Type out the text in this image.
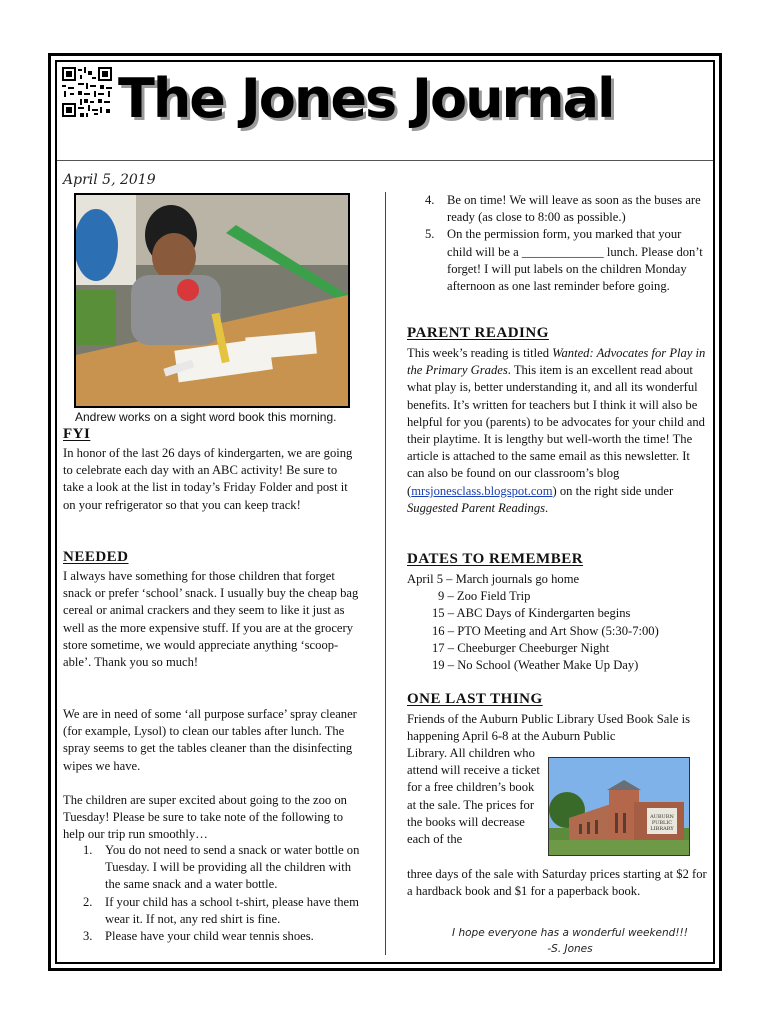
The Jones Journal
April 5, 2019
Andrew works on a sight word book this morning.
FYI
In honor of the last 26 days of kindergarten, we are going to celebrate each day with an ABC activity! Be sure to take a look at the list in today’s Friday Folder and post it on your refrigerator so that you can keep track!
NEEDED
I always have something for those children that forget snack or prefer ‘school’ snack. I usually buy the cheap bag cereal or animal crackers and they seem to like it just as well as the more expensive stuff. If you are at the grocery store sometime, we would appreciate anything ‘scoop- able’. Thank you so much!
We are in need of some ‘all purpose surface’ spray cleaner (for example, Lysol) to clean our tables after lunch. The spray seems to get the tables cleaner than the disinfecting wipes we have.
The children are super excited about going to the zoo on Tuesday! Please be sure to take note of the following to help our trip run smoothly…
1. You do not need to send a snack or water bottle on Tuesday. I will be providing all the children with the same snack and a water bottle.
2. If your child has a school t-shirt, please have them wear it. If not, any red shirt is fine.
3. Please have your child wear tennis shoes.
4. Be on time! We will leave as soon as the buses are ready (as close to 8:00 as possible.)
5. On the permission form, you marked that your child will be a _____________ lunch. Please don’t forget! I will put labels on the children Monday afternoon as one last reminder before going.
PARENT READING
This week’s reading is titled Wanted: Advocates for Play in the Primary Grades. This item is an excellent read about what play is, better understanding it, and all its wonderful benefits. It’s written for teachers but I think it will also be helpful for you (parents) to be advocates for your child and their playtime. It is lengthy but well-worth the time! The article is attached to the same email as this newsletter. It can also be found on our classroom’s blog (mrsjonesclass.blogspot.com) on the right side under Suggested Parent Readings.
DATES TO REMEMBER
April 5 – March journals go home
9 – Zoo Field Trip
15 – ABC Days of Kindergarten begins
16 – PTO Meeting and Art Show (5:30-7:00)
17 – Cheeburger Cheeburger Night
19 – No School (Weather Make Up Day)
ONE LAST THING
Friends of the Auburn Public Library Used Book Sale is happening April 6-8 at the Auburn Public
Library. All children who attend will receive a ticket for a free children’s book at the sale. The prices for the books will decrease each of the
three days of the sale with Saturday prices starting at $2 for a hardback book and $1 for a paperback book.
AUBURN
PUBLIC
LIBRARY
I hope everyone has a wonderful weekend!!!
-S. Jones
